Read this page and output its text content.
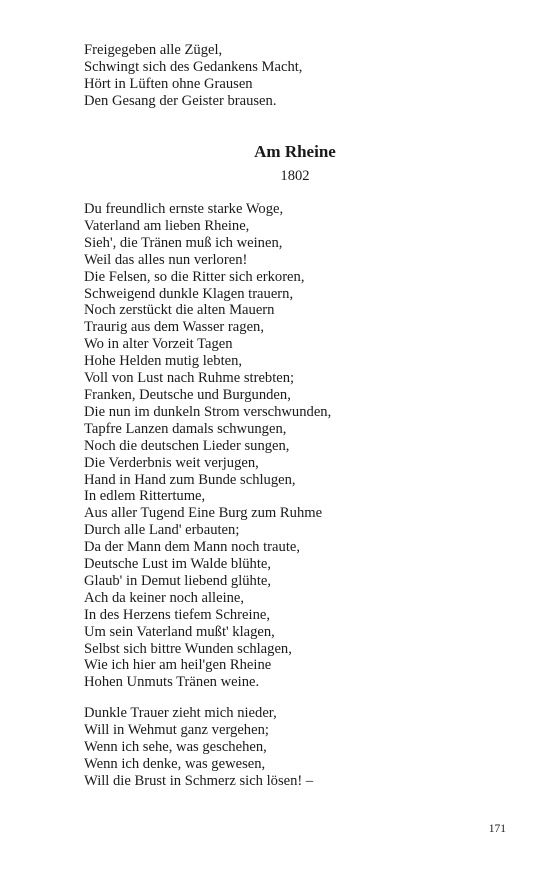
Freigegeben alle Zügel,
Schwingt sich des Gedankens Macht,
Hört in Lüften ohne Grausen
Den Gesang der Geister brausen.
Am Rheine
1802
Du freundlich ernste starke Woge,
Vaterland am lieben Rheine,
Sieh', die Tränen muß ich weinen,
Weil das alles nun verloren!
Die Felsen, so die Ritter sich erkoren,
Schweigend dunkle Klagen trauern,
Noch zerstückt die alten Mauern
Traurig aus dem Wasser ragen,
Wo in alter Vorzeit Tagen
Hohe Helden mutig lebten,
Voll von Lust nach Ruhme strebten;
Franken, Deutsche und Burgunden,
Die nun im dunkeln Strom verschwunden,
Tapfre Lanzen damals schwungen,
Noch die deutschen Lieder sungen,
Die Verderbnis weit verjugen,
Hand in Hand zum Bunde schlugen,
In edlem Rittertume,
Aus aller Tugend Eine Burg zum Ruhme
Durch alle Land' erbauten;
Da der Mann dem Mann noch traute,
Deutsche Lust im Walde blühte,
Glaub' in Demut liebend glühte,
Ach da keiner noch alleine,
In des Herzens tiefem Schreine,
Um sein Vaterland mußt' klagen,
Selbst sich bittre Wunden schlagen,
Wie ich hier am heil'gen Rheine
Hohen Unmuts Tränen weine.
Dunkle Trauer zieht mich nieder,
Will in Wehmut ganz vergehen;
Wenn ich sehe, was geschehen,
Wenn ich denke, was gewesen,
Will die Brust in Schmerz sich lösen! –
171
